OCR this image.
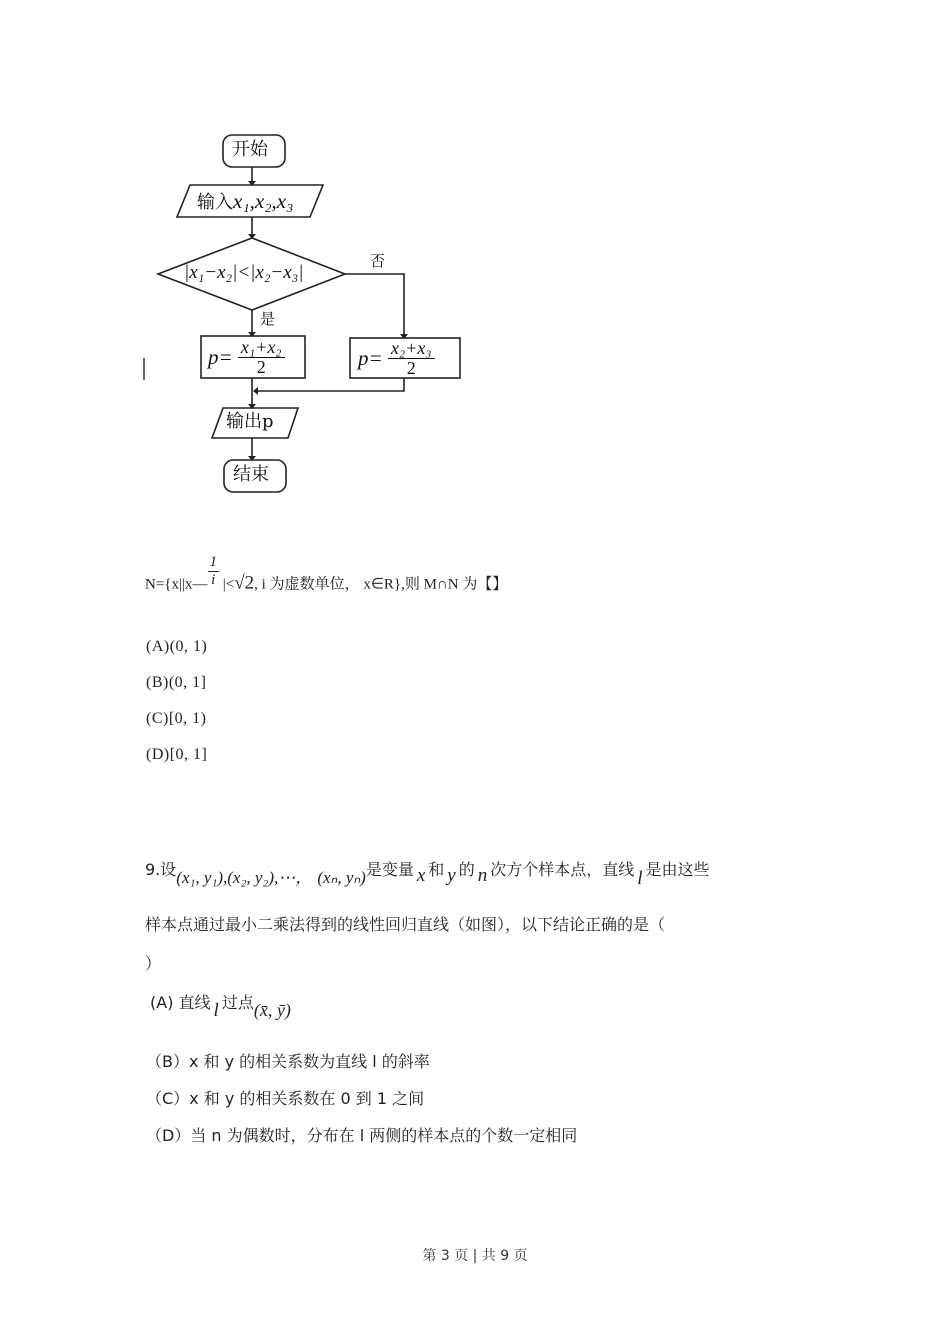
开始
输入x₁,x₂,x₃
|x₁−x₂|<|x₂−x₃|
否
是
$p= \frac{\text{x₁+x₂}}{2}$	$p= \frac{\text{x₂+x₃}}{2}$
输出p
结束
N={x||x— $\frac{1}{i} |<√2$, i 为虚数单位， x∈R},则 M∩N 为【】
(A)(0, 1)
(B)(0, 1]
(C)[0, 1)
(D)[0, 1]
9.设(x₁, y₁),(x₂, y₂),⋯， (xₙ, yₙ)是变量 x 和 y 的 n 次方个样本点，直线 l 是由这些
样本点通过最小二乘法得到的线性回归直线（如图），以下结论正确的是（
）
(A) 直线 l 过点(x̄, ȳ)
（B）x 和 y 的相关系数为直线 l 的斜率
（C）x 和 y 的相关系数在 0 到 1 之间
（D）当 n 为偶数时，分布在 l 两侧的样本点的个数一定相同
第 3 页 | 共 9 页
